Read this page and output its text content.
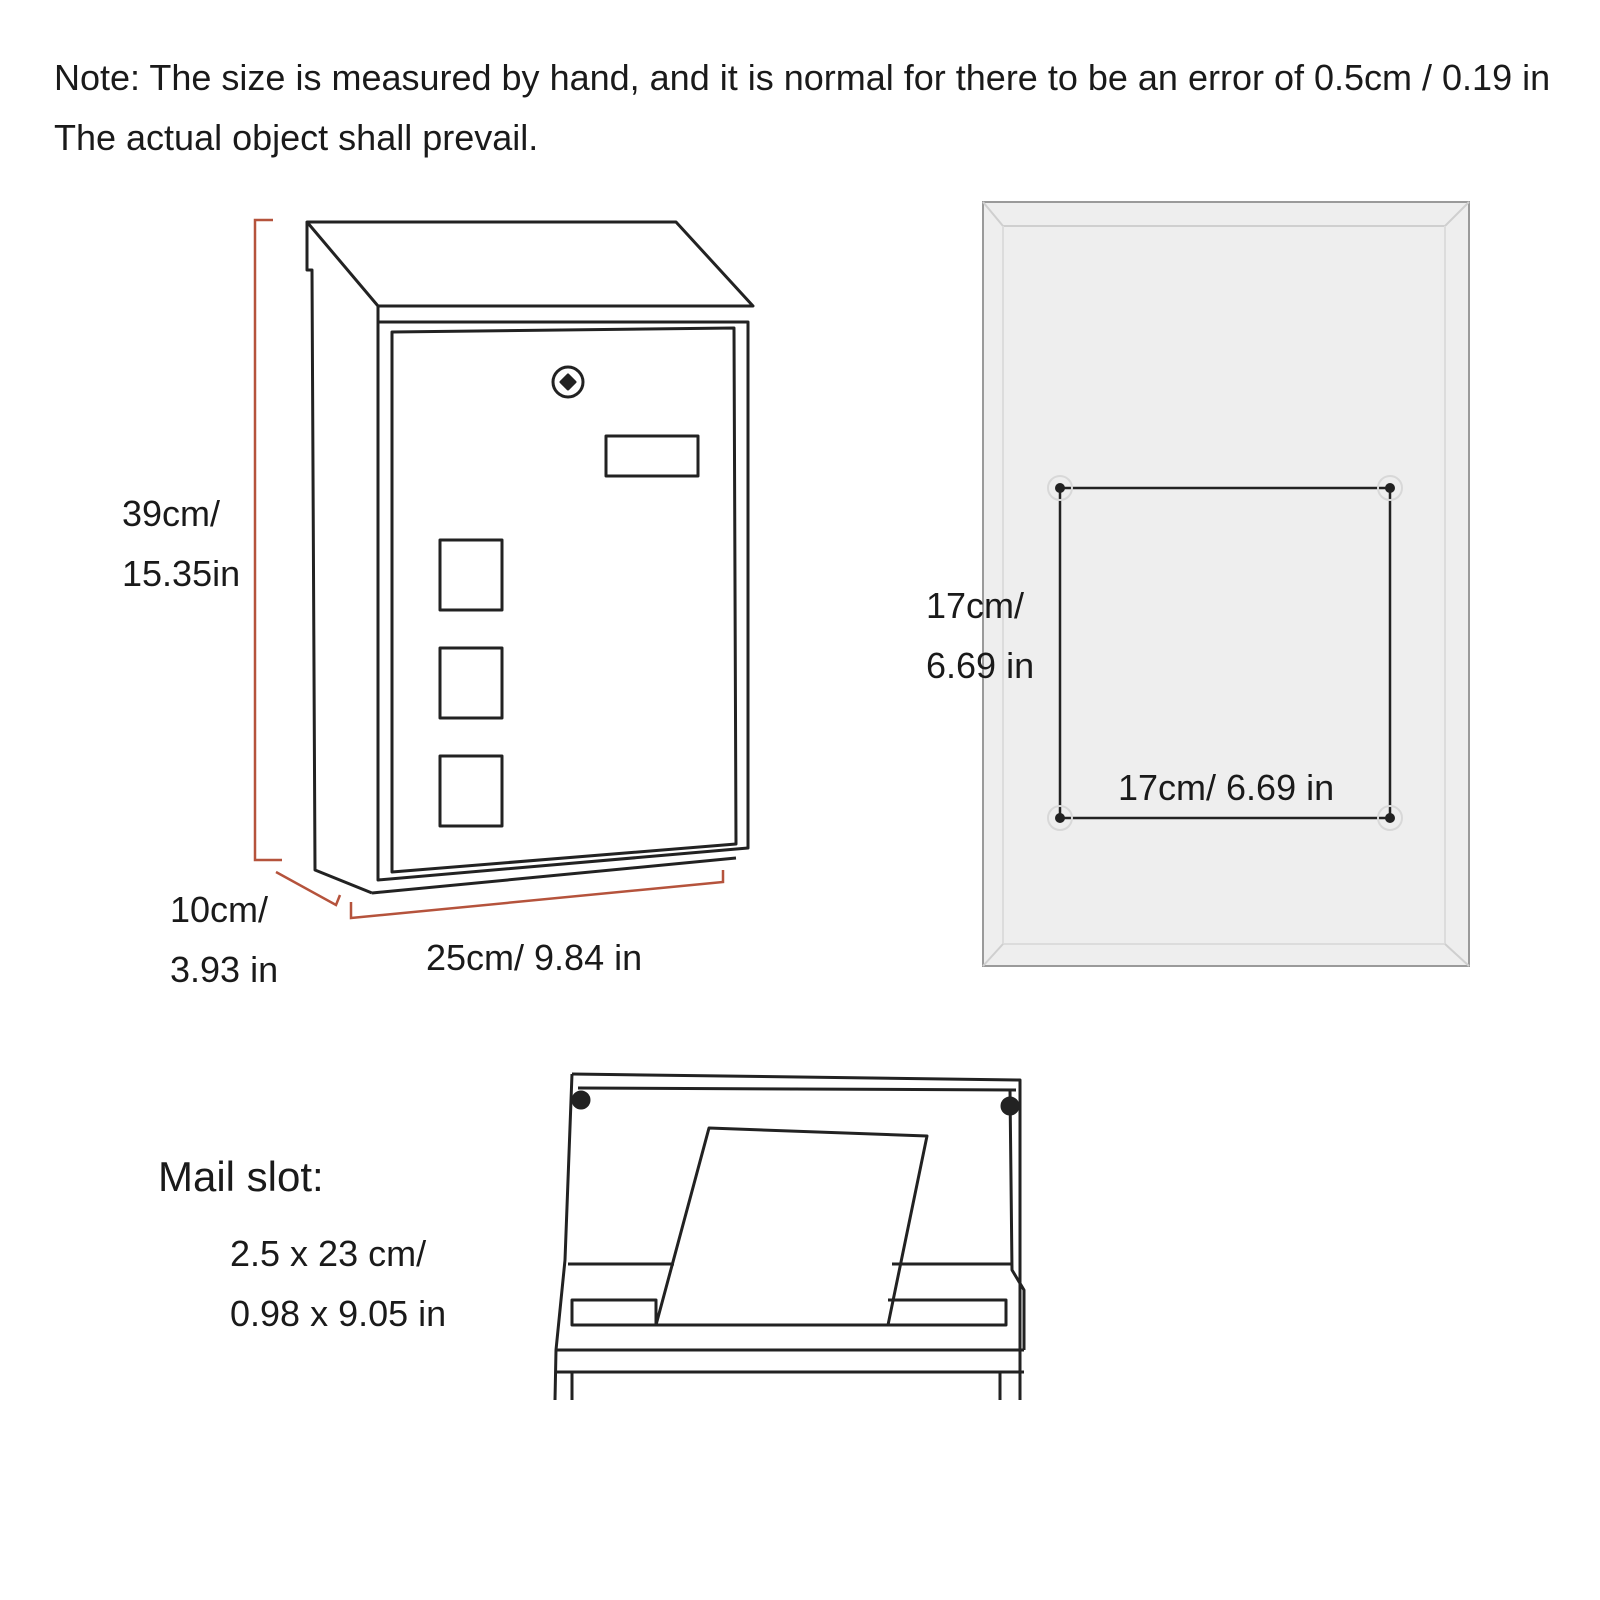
Note: The size is measured by hand, and it is normal for there to be an error of 0.5cm / 0.19 in
The actual object shall prevail.
39cm/
15.35in
10cm/
3.93 in	25cm/ 9.84 in
17cm/
6.69 in
17cm/ 6.69 in
Mail slot:
2.5 x 23 cm/
0.98 x 9.05 in
